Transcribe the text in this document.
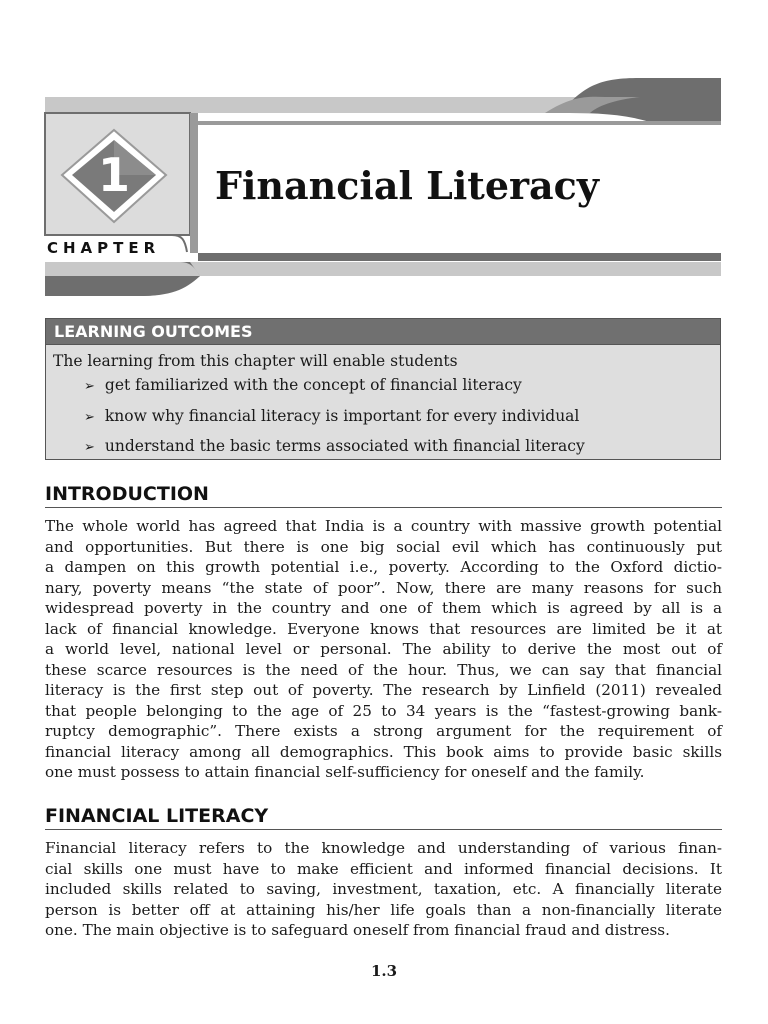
1
CHAPTER
Financial Literacy
LEARNING OUTCOMES
The learning from this chapter will enable students
➢ get familiarized with the concept of financial literacy
➢ know why financial literacy is important for every individual
➢ understand the basic terms associated with financial literacy
INTRODUCTION
The whole world has agreed that India is a country with massive growth potential
and opportunities. But there is one big social evil which has continuously put
a dampen on this growth potential i.e., poverty. According to the Oxford dictio-
nary, poverty means “the state of poor”. Now, there are many reasons for such
widespread poverty in the country and one of them which is agreed by all is a
lack of financial knowledge. Everyone knows that resources are limited be it at
a world level, national level or personal. The ability to derive the most out of
these scarce resources is the need of the hour. Thus, we can say that financial
literacy is the first step out of poverty. The research by Linfield (2011) revealed
that people belonging to the age of 25 to 34 years is the “fastest-growing bank-
ruptcy demographic”. There exists a strong argument for the requirement of
financial literacy among all demographics. This book aims to provide basic skills
one must possess to attain financial self-sufficiency for oneself and the family.
FINANCIAL LITERACY
Financial literacy refers to the knowledge and understanding of various finan-
cial skills one must have to make efficient and informed financial decisions. It
included skills related to saving, investment, taxation, etc. A financially literate
person is better off at attaining his/her life goals than a non-financially literate
one. The main objective is to safeguard oneself from financial fraud and distress.
1.3
